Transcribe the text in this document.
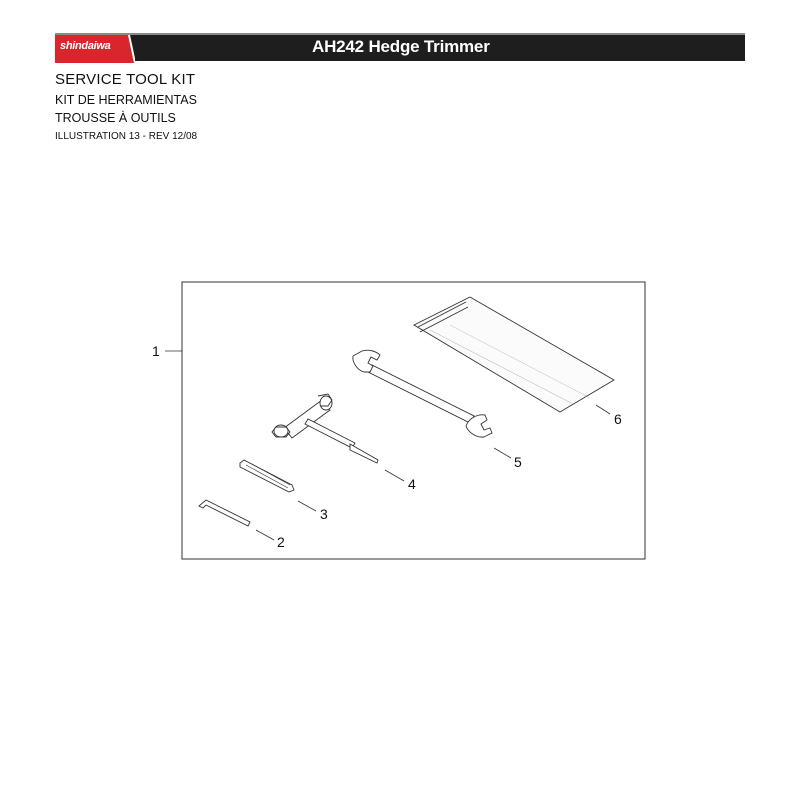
shindaiwa	AH242 Hedge Trimmer
SERVICE TOOL KIT
KIT DE HERRAMIENTAS
TROUSSE À OUTILS
ILLUSTRATION 13 - REV 12/08
1
2
3
4
5
6
